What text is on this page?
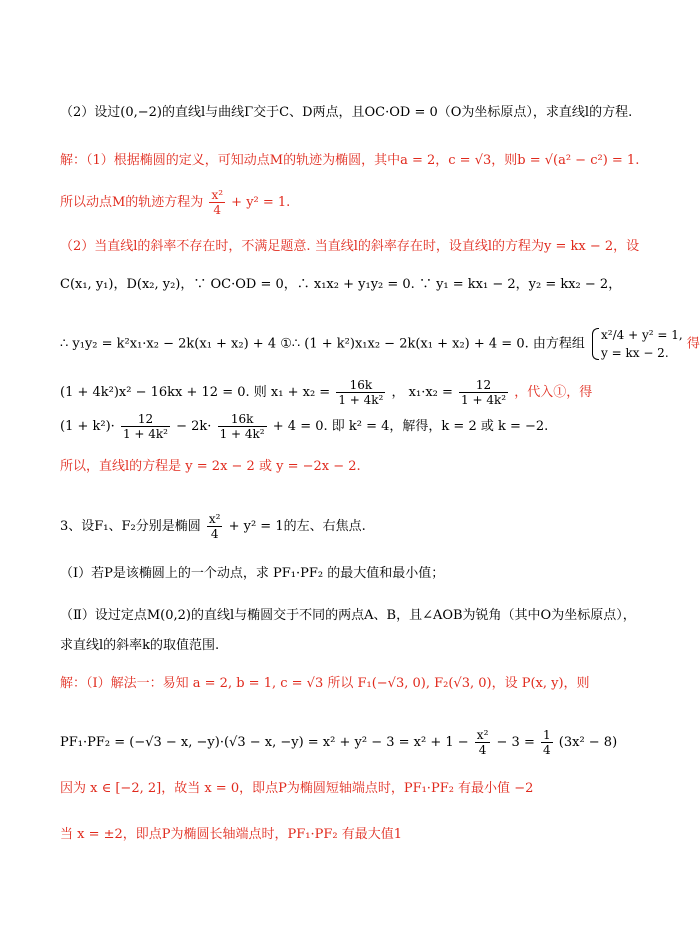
（2）设过(0,−2)的直线l与曲线Γ交于C、D两点，且OC·OD = 0（O为坐标原点），求直线l的方程.
解：（1）根据椭圆的定义，可知动点M的轨迹为椭圆，其中a = 2，c = √3，则b = √(a² − c²) = 1.
所以动点M的轨迹方程为 $\frac{\text{x²}}{4} + y^2 = 1$.
（2）当直线l的斜率不存在时，不满足题意. 当直线l的斜率存在时，设直线l的方程为y = kx − 2，设
C(x₁, y₁)，D(x₂, y₂)，∵ OC·OD = 0，∴ x₁x₂ + y₁y₂ = 0. ∵ y₁ = kx₁ − 2，y₂ = kx₂ − 2，
∴ y₁y₂ = k²x₁·x₂ − 2k(x₁ + x₂) + 4 ①∴ (1 + k²)x₁x₂ − 2k(x₁ + x₂) + 4 = 0. 由方程组
x²/4 + y² = 1,
y = kx − 2.
得
(1 + 4k²)x² − 16kx + 12 = 0. 则 $x_1 + x_2 = \frac{16k}{\text{1 + 4k²}}$ ， $x_1\cdot x_2 = \frac{12}{\text{1 + 4k²}}$ ，代入①，得
$(1 + k^2)\cdot \frac{12}{\text{1 + 4k²}} - 2k\cdot \frac{16k}{\text{1 + 4k²}} + 4 = 0$. 即 k² = 4，解得，k = 2 或 k = −2.
所以，直线l的方程是 y = 2x − 2 或 y = −2x − 2.
3、设F₁、F₂分别是椭圆 $\frac{\text{x²}}{4} + y^2 = 1$的左、右焦点.
（Ⅰ）若P是该椭圆上的一个动点，求 PF₁·PF₂ 的最大值和最小值；
（Ⅱ）设过定点M(0,2)的直线l与椭圆交于不同的两点A、B，且∠AOB为锐角（其中O为坐标原点），
求直线l的斜率k的取值范围.
解：（Ⅰ）解法一：易知 a = 2, b = 1, c = √3 所以 F₁(−√3, 0), F₂(√3, 0)，设 P(x, y)，则
PF₁·PF₂ = (−√3 − x, −y)·(√3 − x, $-y) = x^2 + y^2 - 3 = x^2 + 1 - \frac{\text{x²}}{4} - 3 = \frac{1}{4} (3x^2 - 8)$
因为 x ∈ [−2, 2]，故当 x = 0，即点P为椭圆短轴端点时，PF₁·PF₂ 有最小值 −2
当 x = ±2，即点P为椭圆长轴端点时，PF₁·PF₂ 有最大值1
